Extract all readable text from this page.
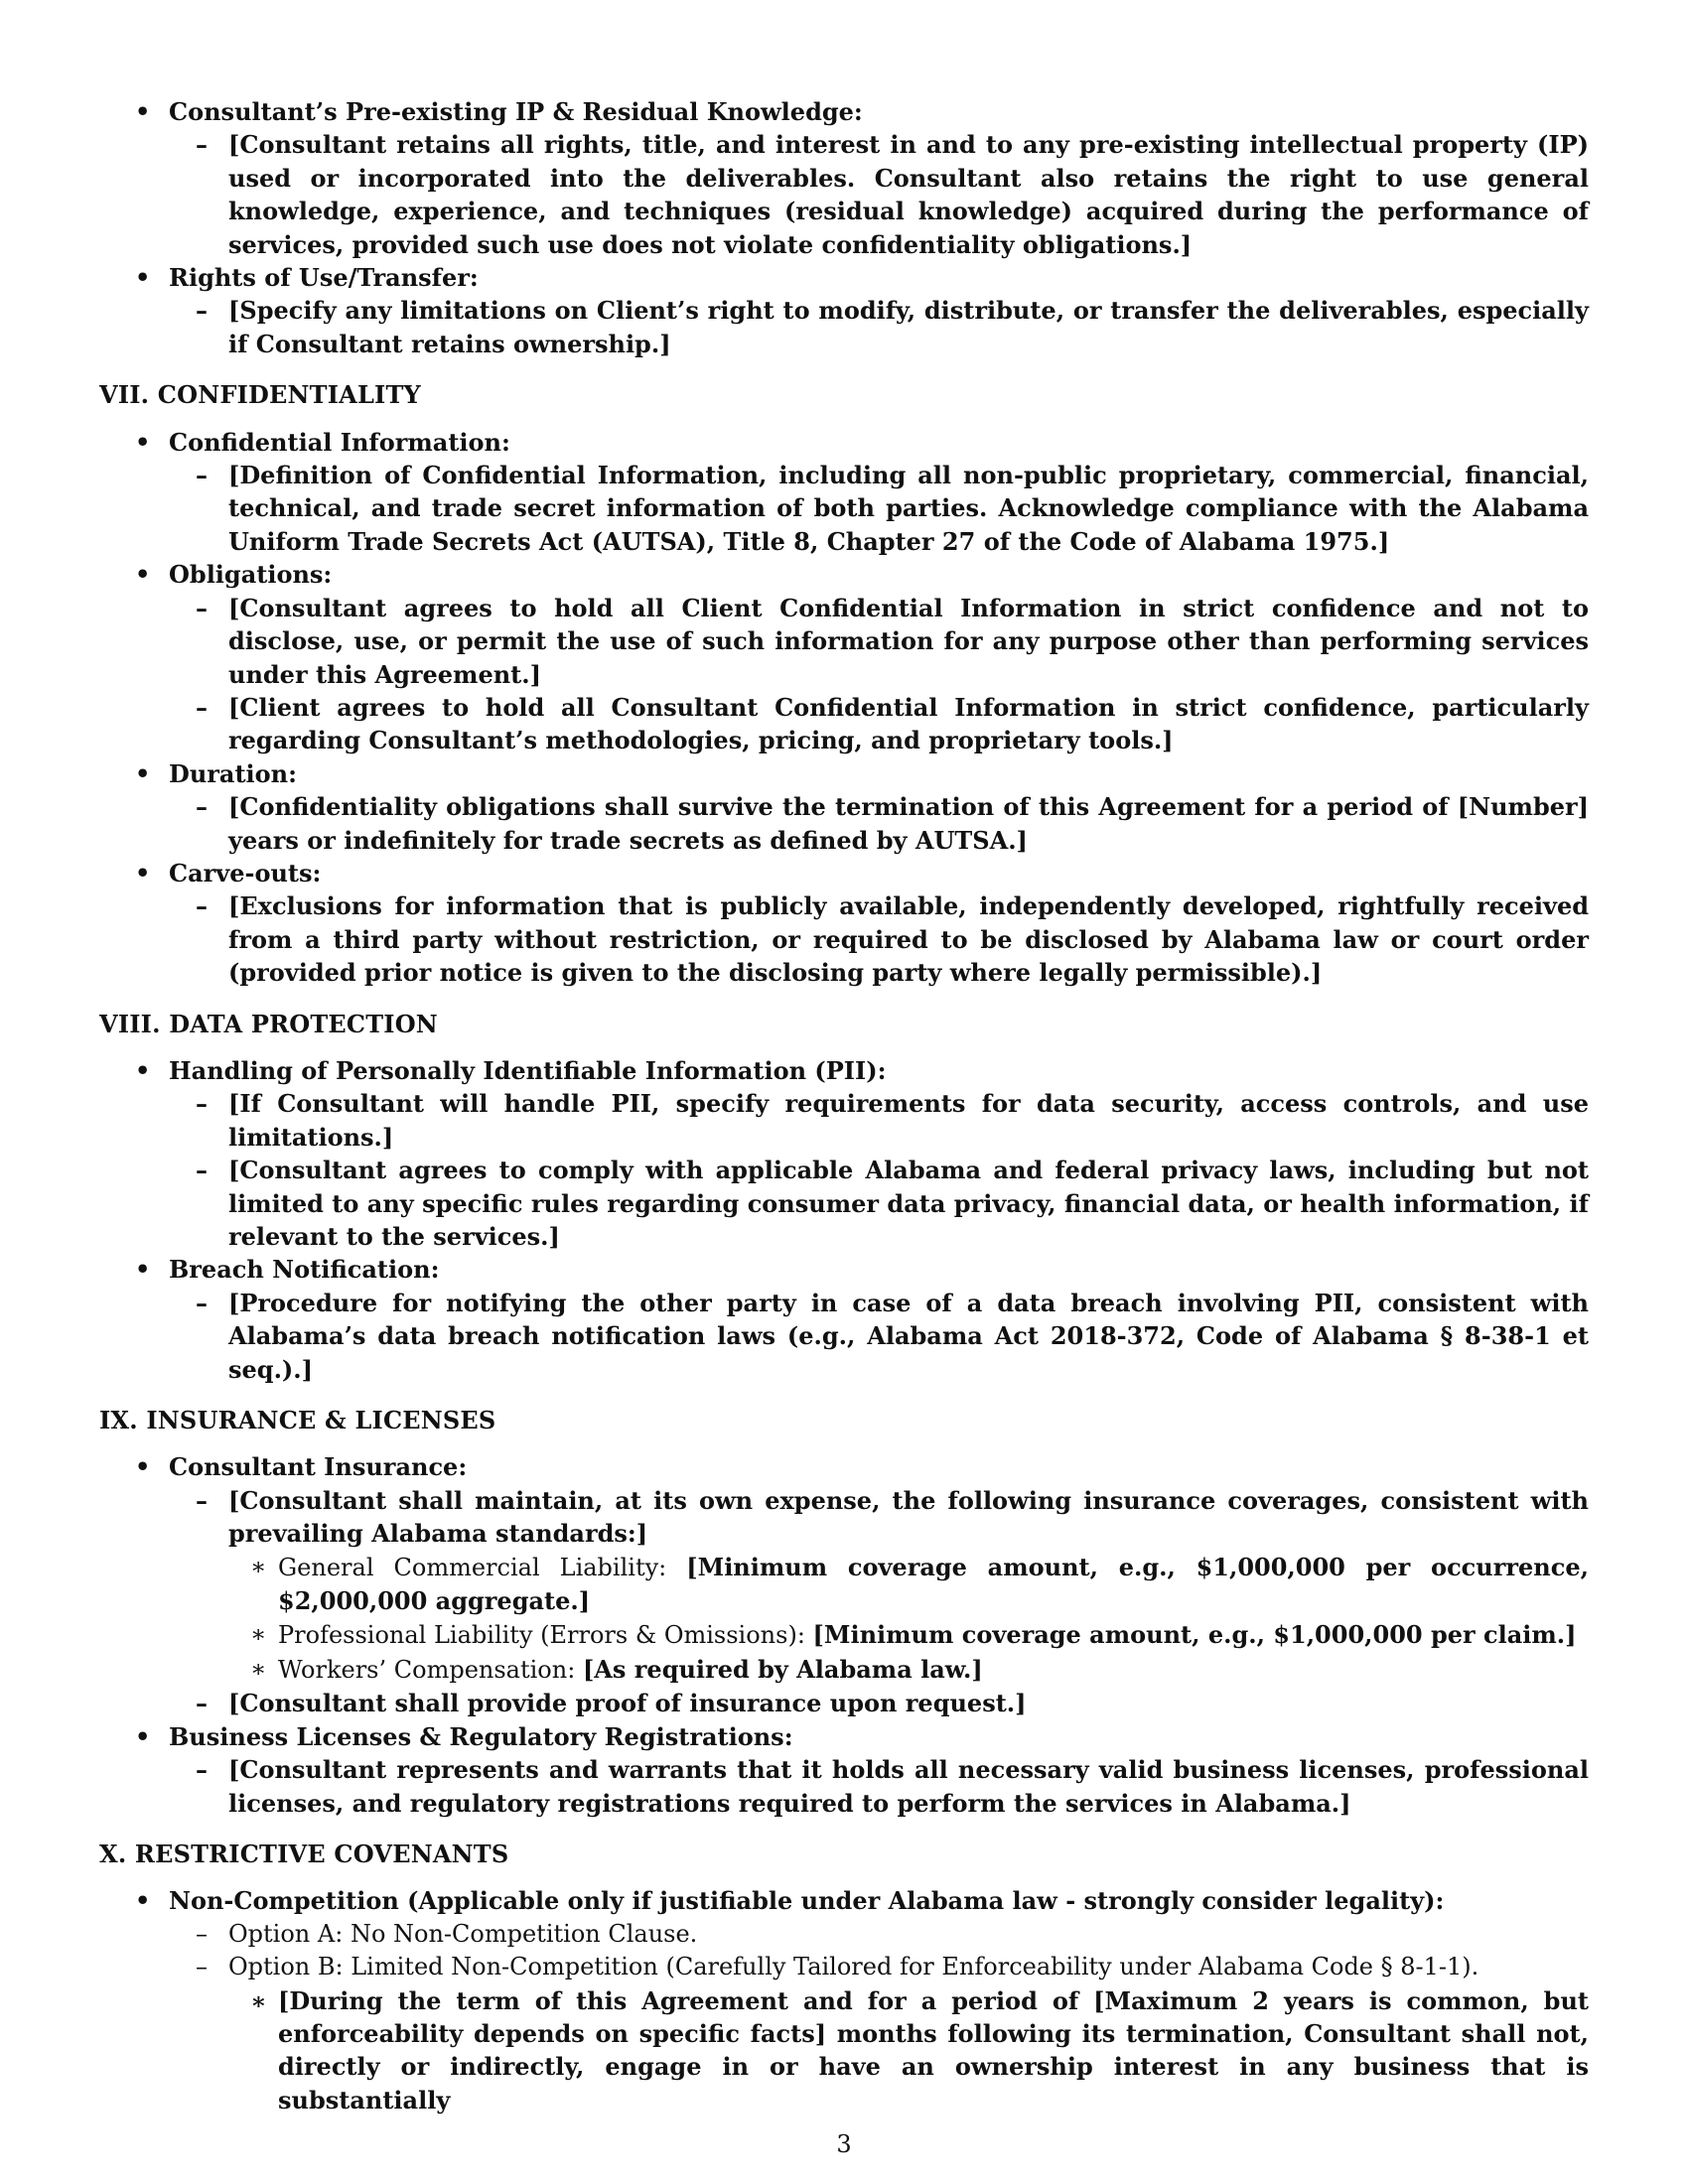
• Consultant’s Pre-existing IP & Residual Knowledge:
– [Consultant retains all rights, title, and interest in and to any pre-existing intellectual property (IP) used or incorporated into the deliverables. Consultant also retains the right to use general knowledge, experience, and techniques (residual knowledge) acquired during the performance of services, provided such use does not violate confidentiality obligations.]
• Rights of Use/Transfer:
– [Specify any limitations on Client’s right to modify, distribute, or transfer the deliverables, especially if Consultant retains ownership.]
VII. CONFIDENTIALITY
• Confidential Information:
– [Definition of Confidential Information, including all non-public proprietary, commercial, financial, technical, and trade secret information of both parties. Acknowledge compliance with the Alabama Uniform Trade Secrets Act (AUTSA), Title 8, Chapter 27 of the Code of Alabama 1975.]
• Obligations:
– [Consultant agrees to hold all Client Confidential Information in strict confidence and not to disclose, use, or permit the use of such information for any purpose other than performing services under this Agreement.]
– [Client agrees to hold all Consultant Confidential Information in strict confidence, particularly regarding Consultant’s methodologies, pricing, and proprietary tools.]
• Duration:
– [Confidentiality obligations shall survive the termination of this Agreement for a period of [Number] years or indefinitely for trade secrets as defined by AUTSA.]
• Carve-outs:
– [Exclusions for information that is publicly available, independently developed, rightfully received from a third party without restriction, or required to be disclosed by Alabama law or court order (provided prior notice is given to the disclosing party where legally permissible).]
VIII. DATA PROTECTION
• Handling of Personally Identifiable Information (PII):
– [If Consultant will handle PII, specify requirements for data security, access controls, and use limitations.]
– [Consultant agrees to comply with applicable Alabama and federal privacy laws, including but not limited to any specific rules regarding consumer data privacy, financial data, or health information, if relevant to the services.]
• Breach Notification:
– [Procedure for notifying the other party in case of a data breach involving PII, consistent with Alabama’s data breach notification laws (e.g., Alabama Act 2018-372, Code of Alabama § 8-38-1 et seq.).]
IX. INSURANCE & LICENSES
• Consultant Insurance:
– [Consultant shall maintain, at its own expense, the following insurance coverages, consistent with prevailing Alabama standards:]
∗ General Commercial Liability: [Minimum coverage amount, e.g., $1,000,000 per occurrence, $2,000,000 aggregate.]
∗ Professional Liability (Errors & Omissions): [Minimum coverage amount, e.g., $1,000,000 per claim.]
∗ Workers’ Compensation: [As required by Alabama law.]
– [Consultant shall provide proof of insurance upon request.]
• Business Licenses & Regulatory Registrations:
– [Consultant represents and warrants that it holds all necessary valid business licenses, professional licenses, and regulatory registrations required to perform the services in Alabama.]
X. RESTRICTIVE COVENANTS
• Non-Competition (Applicable only if justifiable under Alabama law - strongly consider legality):
– Option A: No Non-Competition Clause.
– Option B: Limited Non-Competition (Carefully Tailored for Enforceability under Alabama Code § 8-1-1).
∗ [During the term of this Agreement and for a period of [Maximum 2 years is common, but enforceability depends on specific facts] months following its termination, Consultant shall not, directly or indirectly, engage in or have an ownership interest in any business that is substantially
3
